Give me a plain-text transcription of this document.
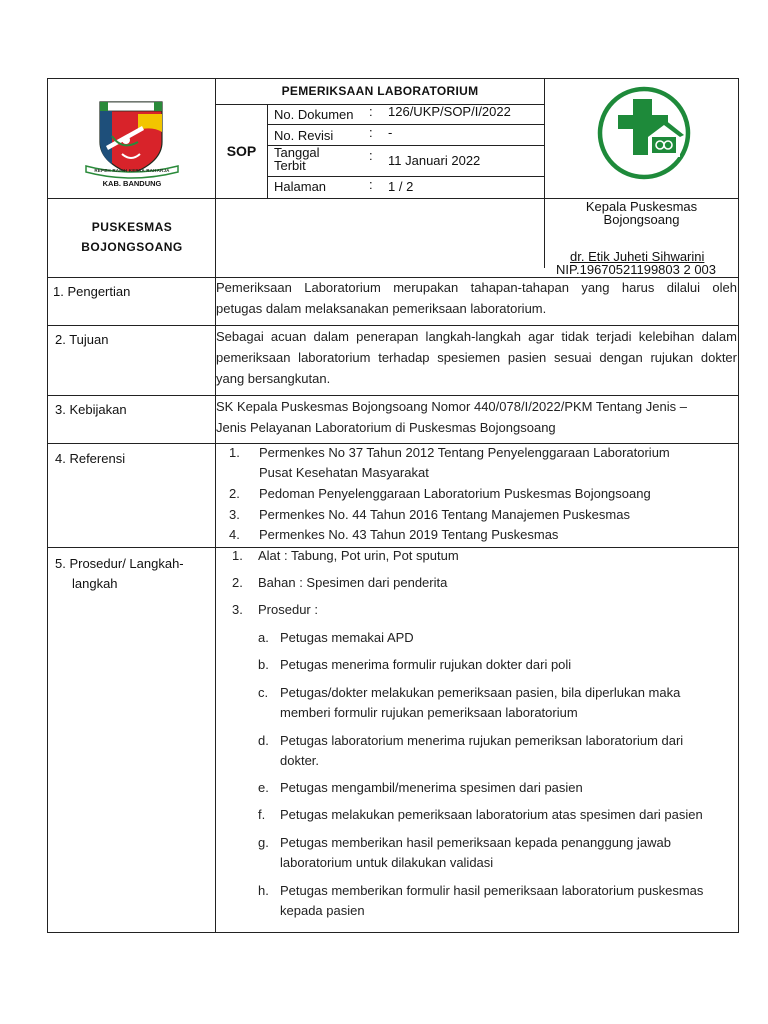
REPEH RAPIH KERTA RAHARJA
KAB. BANDUNG
PEMERIKSAAN LABORATORIUM
SOP
No. Dokumen : 126/UKP/SOP/I/2022
No. Revisi	: -
Tanggal Terbit
: 11 Januari 2022
Halaman	: 1 / 2
PUSKESMAS
BOJONGSOANG
Kepala Puskesmas
Bojongsoang
dr. Etik Juheti Sihwarini
NIP.19670521199803 2 003
1. Pengertian	Pemeriksaan Laboratorium merupakan tahapan-tahapan yang harus dilalui oleh
petugas dalam melaksanakan pemeriksaan laboratorium.
2. Tujuan	Sebagai acuan dalam penerapan langkah-langkah agar tidak terjadi kelebihan dalam
pemeriksaan laboratorium terhadap spesiemen pasien sesuai dengan rujukan dokter
yang bersangkutan.
3. Kebijakan	SK Kepala Puskesmas Bojongsoang Nomor 440/078/I/2022/PKM Tentang Jenis –
Jenis Pelayanan Laboratorium di Puskesmas Bojongsoang
4. Referensi	1. Permenkes No 37 Tahun 2012 Tentang Penyelenggaraan Laboratorium
Pusat Kesehatan Masyarakat
2. Pedoman Penyelenggaraan Laboratorium Puskesmas Bojongsoang
3. Permenkes No. 44 Tahun 2016 Tentang Manajemen Puskesmas
4. Permenkes No. 43 Tahun 2019 Tentang Puskesmas
5. Prosedur/ Langkah-
langkah
1. Alat : Tabung, Pot urin, Pot sputum
2. Bahan : Spesimen dari penderita
3. Prosedur :
a. Petugas memakai APD
b. Petugas menerima formulir rujukan dokter dari poli
c. Petugas/dokter melakukan pemeriksaan pasien, bila diperlukan maka
memberi formulir rujukan pemeriksaan laboratorium
d. Petugas laboratorium menerima rujukan pemeriksan laboratorium dari
dokter.
e. Petugas mengambil/menerima spesimen dari pasien
f. Petugas melakukan pemeriksaan laboratorium atas spesimen dari pasien
g. Petugas memberikan hasil pemeriksaan kepada penanggung jawab
laboratorium untuk dilakukan validasi
h. Petugas memberikan formulir hasil pemeriksaan laboratorium puskesmas
kepada pasien
